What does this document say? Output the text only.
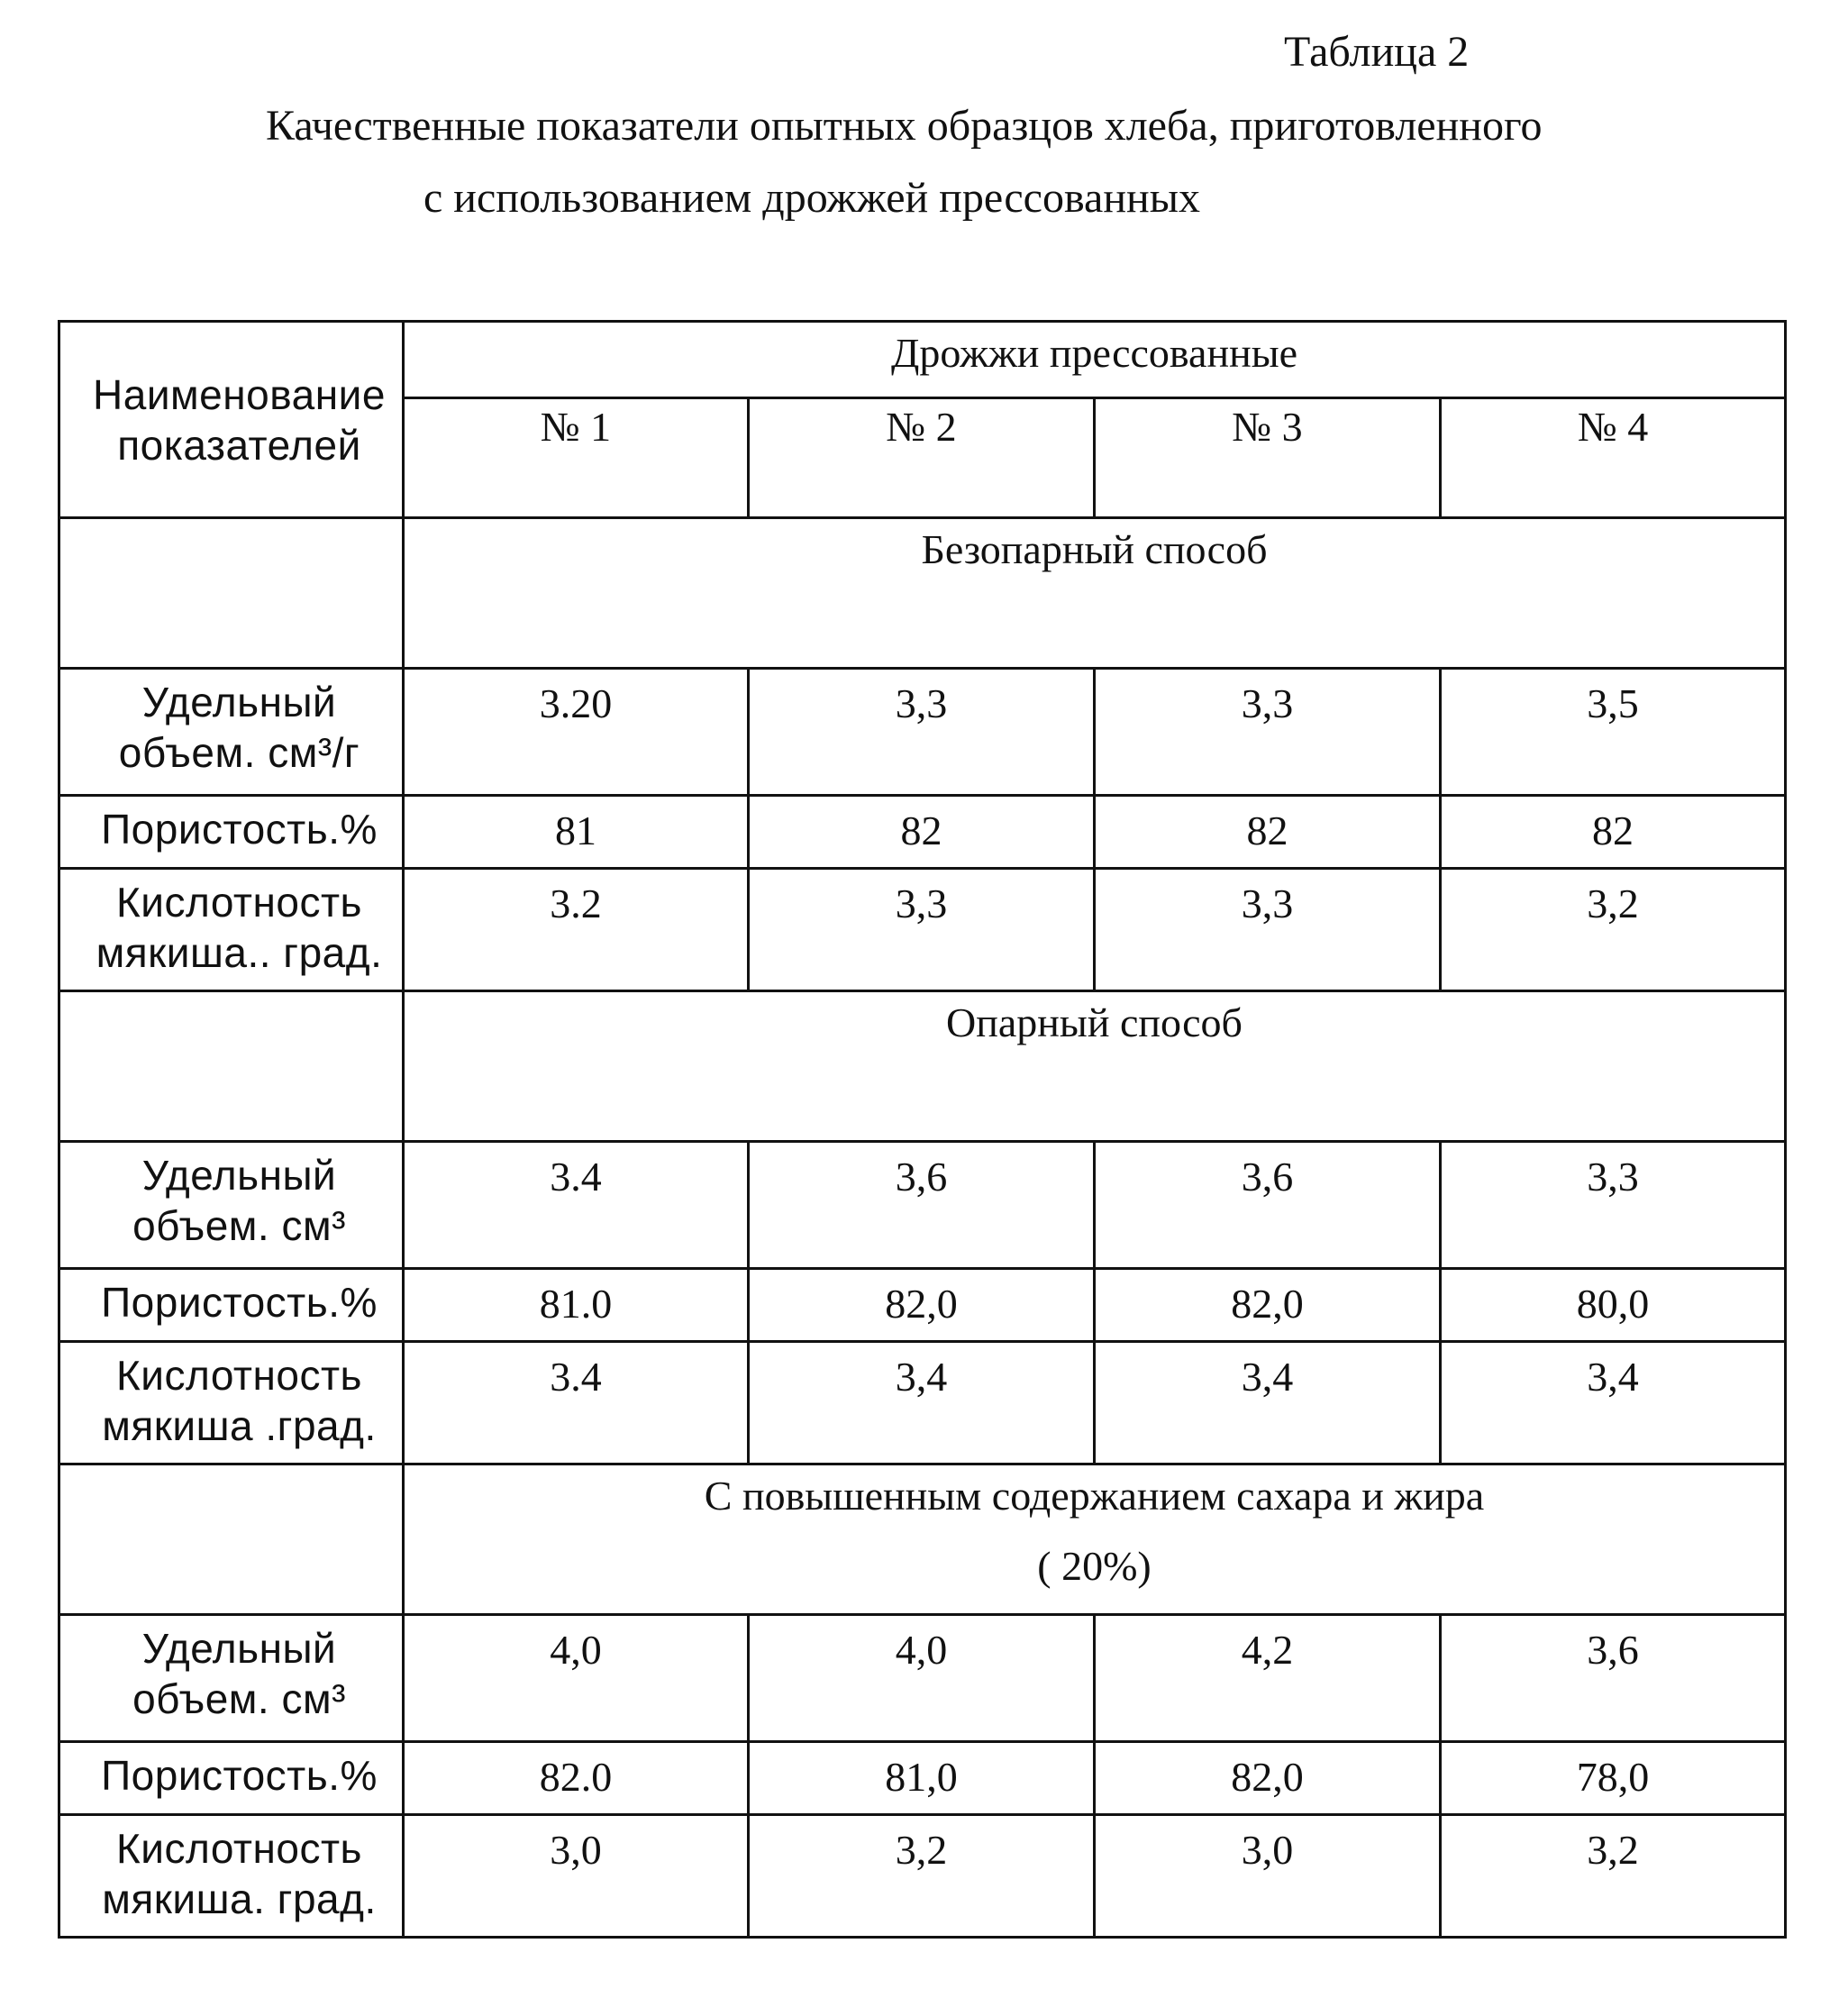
Таблица 2
Качественные показатели опытных образцов хлеба, приготовленного
с использованием дрожжей прессованных
Наименование
показателей	Дрожжи прессованные			

	№ 1	№ 2	№ 3	№ 4

	Безопарный способ			

Удельный
объем. см³/г	3.20	3,3	3,3	3,5

Пористость.%	81	82	82	82

Кислотность
мякиша.. град.	3.2	3,3	3,3	3,2

	Опарный способ			

Удельный
объем. см³	3.4	3,6	3,6	3,3

Пористость.%	81.0	82,0	82,0	80,0

Кислотность
мякиша .град.	3.4	3,4	3,4	3,4

	С повышенным содержанием сахара и жира
( 20%)			

Удельный
объем. см³	4,0	4,0	4,2	3,6

Пористость.%	82.0	81,0	82,0	78,0

Кислотность
мякиша. град.	3,0	3,2	3,0	3,2
